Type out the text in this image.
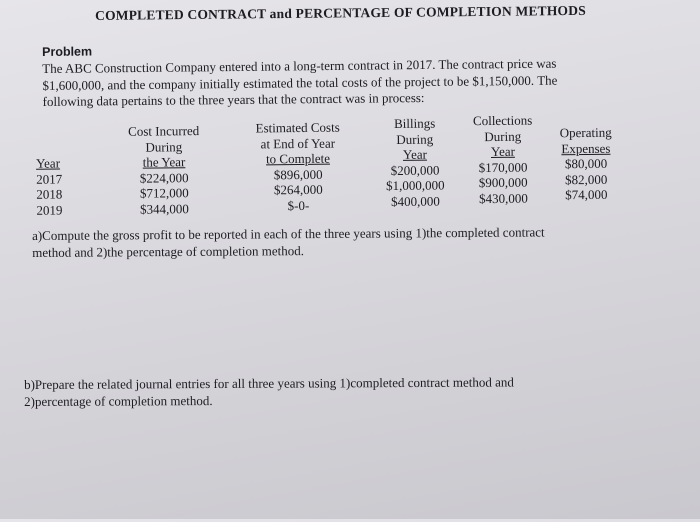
COMPLETED CONTRACT and PERCENTAGE OF COMPLETION METHODS
Problem
The ABC Construction Company entered into a long-term contract in 2017. The contract price was
$1,600,000, and the company initially estimated the total costs of the project to be $1,150,000. The
following data pertains to the three years that the contract was in process:
Year
2017
2018
2019
Cost Incurred
During
the Year
$224,000
$712,000
$344,000
Estimated Costs
at End of Year
to Complete
$896,000
$264,000
$-0-
Billings
During
Year
$200,000
$1,000,000
$400,000
Collections
During
Year
$170,000
$900,000
$430,000
Operating
Expenses
$80,000
$82,000
$74,000
a)Compute the gross profit to be reported in each of the three years using 1)the completed contract
method and 2)the percentage of completion method.
b)Prepare the related journal entries for all three years using 1)completed contract method and
2)percentage of completion method.
